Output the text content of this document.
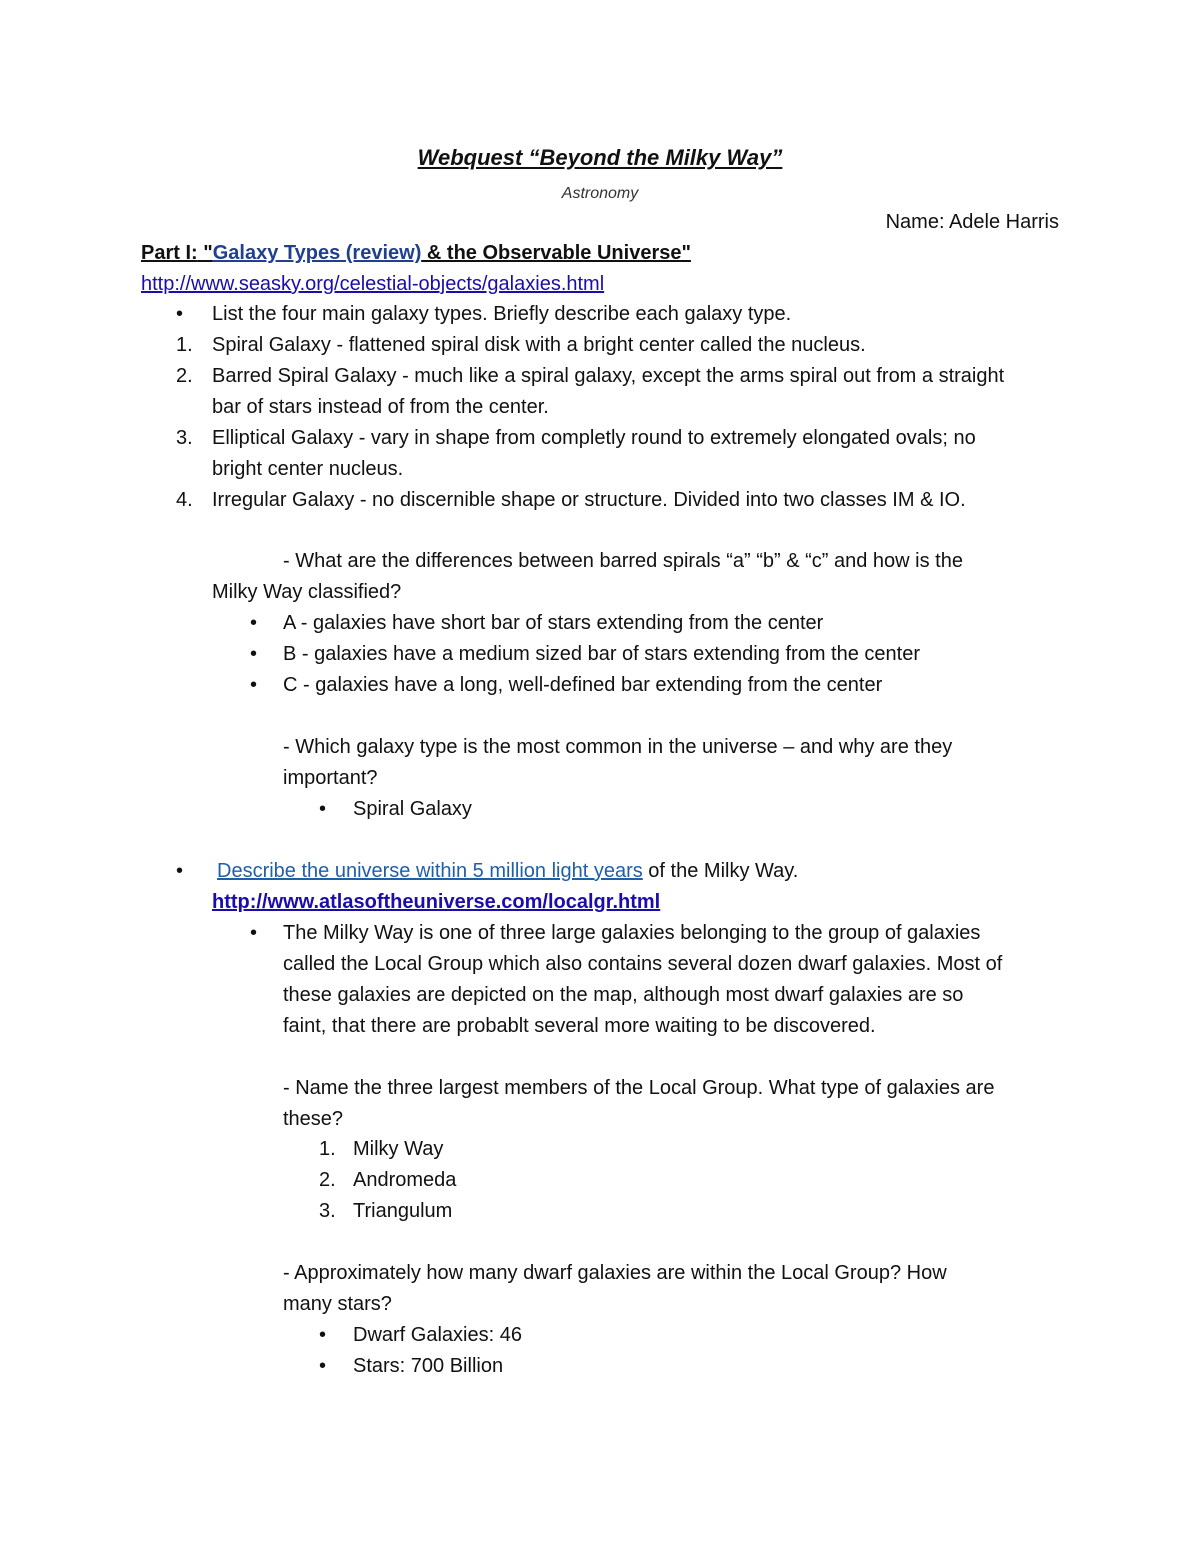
Webquest “Beyond the Milky Way”
Astronomy
Name: Adele Harris
Part I: "Galaxy Types (review) & the Observable Universe"
http://www.seasky.org/celestial-objects/galaxies.html
• List the four main galaxy types. Briefly describe each galaxy type.
1. Spiral Galaxy - flattened spiral disk with a bright center called the nucleus.
2. Barred Spiral Galaxy - much like a spiral galaxy, except the arms spiral out from a straight
bar of stars instead of from the center.
3. Elliptical Galaxy - vary in shape from completly round to extremely elongated ovals; no
bright center nucleus.
4. Irregular Galaxy - no discernible shape or structure. Divided into two classes IM & IO.
- What are the differences between barred spirals “a” “b” & “c” and how is the
Milky Way classified?
• A - galaxies have short bar of stars extending from the center
• B - galaxies have a medium sized bar of stars extending from the center
• C - galaxies have a long, well-defined bar extending from the center
- Which galaxy type is the most common in the universe – and why are they
important?
• Spiral Galaxy
• Describe the universe within 5 million light years of the Milky Way.
http://www.atlasoftheuniverse.com/localgr.html
• The Milky Way is one of three large galaxies belonging to the group of galaxies
called the Local Group which also contains several dozen dwarf galaxies. Most of
these galaxies are depicted on the map, although most dwarf galaxies are so
faint, that there are probablt several more waiting to be discovered.
- Name the three largest members of the Local Group. What type of galaxies are
these?
1. Milky Way
2. Andromeda
3. Triangulum
- Approximately how many dwarf galaxies are within the Local Group? How
many stars?
• Dwarf Galaxies: 46
• Stars: 700 Billion
